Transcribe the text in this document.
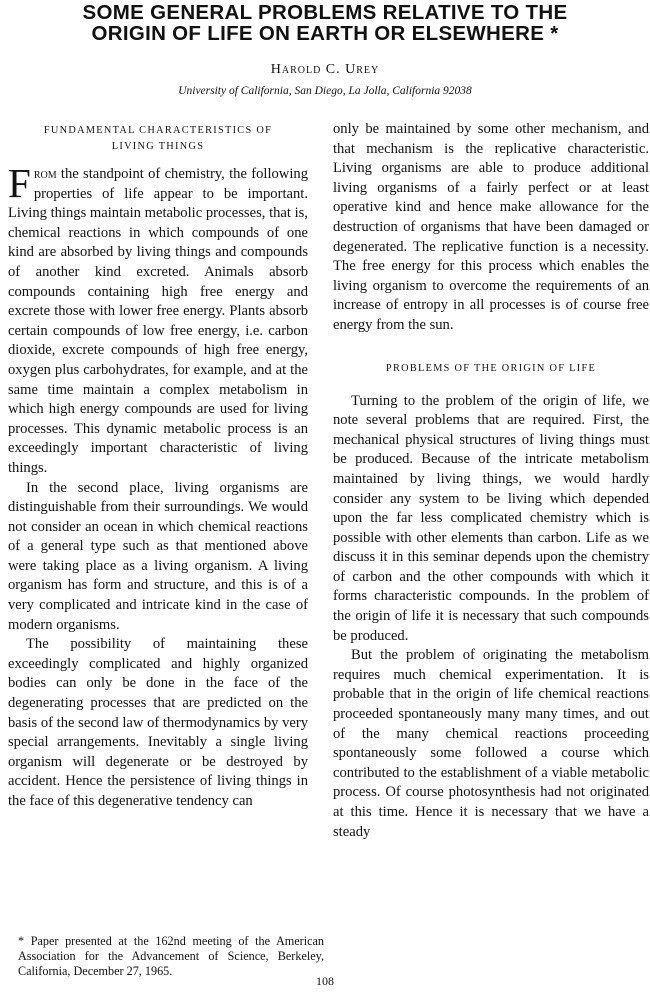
SOME GENERAL PROBLEMS RELATIVE TO THE
ORIGIN OF LIFE ON EARTH OR ELSEWHERE *
Harold C. Urey
University of California, San Diego, La Jolla, California 92038
FUNDAMENTAL CHARACTERISTICS OF
LIVING THINGS

From the standpoint of chemistry, the following properties of life appear to be important. Living things maintain metabolic processes, that is, chemical reactions in which compounds of one kind are absorbed by living things and compounds of another kind excreted. Animals absorb compounds containing high free energy and excrete those with lower free energy. Plants absorb certain compounds of low free energy, i.e. carbon dioxide, excrete compounds of high free energy, oxygen plus carbohydrates, for example, and at the same time maintain a complex metabolism in which high energy compounds are used for living processes. This dynamic metabolic process is an exceedingly important characteristic of living things.

In the second place, living organisms are distinguishable from their surroundings. We would not consider an ocean in which chemical reactions of a general type such as that mentioned above were taking place as a living organism. A living organism has form and structure, and this is of a very complicated and intricate kind in the case of modern organisms.

The possibility of maintaining these exceedingly complicated and highly organized bodies can only be done in the face of the degenerating processes that are predicted on the basis of the second law of thermodynamics by very special arrangements. Inevitably a single living organism will degenerate or be destroyed by accident. Hence the persistence of living things in the face of this degenerative tendency can

only be maintained by some other mechanism, and that mechanism is the replicative characteristic. Living organisms are able to produce additional living organisms of a fairly perfect or at least operative kind and hence make allowance for the destruction of organisms that have been damaged or degenerated. The replicative function is a necessity. The free energy for this process which enables the living organism to overcome the requirements of an increase of entropy in all processes is of course free energy from the sun.

PROBLEMS OF THE ORIGIN OF LIFE

Turning to the problem of the origin of life, we note several problems that are required. First, the mechanical physical structures of living things must be produced. Because of the intricate metabolism maintained by living things, we would hardly consider any system to be living which depended upon the far less complicated chemistry which is possible with other elements than carbon. Life as we discuss it in this seminar depends upon the chemistry of carbon and the other compounds with which it forms characteristic compounds. In the problem of the origin of life it is necessary that such compounds be produced.

But the problem of originating the metabolism requires much chemical experimentation. It is probable that in the origin of life chemical reactions proceeded spontaneously many many times, and out of the many chemical reactions proceeding spontaneously some followed a course which contributed to the establishment of a viable metabolic process. Of course photosynthesis had not originated at this time. Hence it is necessary that we have a steady

* Paper presented at the 162nd meeting of the American Association for the Advancement of Science, Berkeley, California, December 27, 1965.
108
